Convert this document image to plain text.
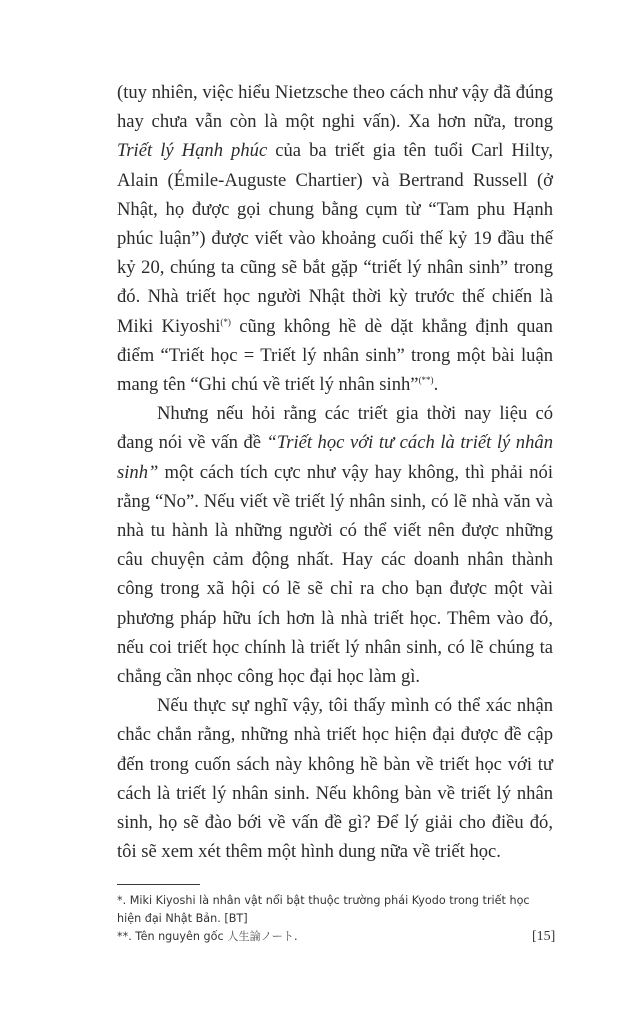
(tuy nhiên, việc hiểu Nietzsche theo cách như vậy đã đúng hay chưa vẫn còn là một nghi vấn). Xa hơn nữa, trong Triết lý Hạnh phúc của ba triết gia tên tuổi Carl Hilty, Alain (Émile-Auguste Chartier) và Bertrand Russell (ở Nhật, họ được gọi chung bằng cụm từ “Tam phu Hạnh phúc luận”) được viết vào khoảng cuối thế kỷ 19 đầu thế kỷ 20, chúng ta cũng sẽ bắt gặp “triết lý nhân sinh” trong đó. Nhà triết học người Nhật thời kỳ trước thế chiến là Miki Kiyoshi(*) cũng không hề dè dặt khẳng định quan điểm “Triết học = Triết lý nhân sinh” trong một bài luận mang tên “Ghi chú về triết lý nhân sinh”(**).

Nhưng nếu hỏi rằng các triết gia thời nay liệu có đang nói về vấn đề “Triết học với tư cách là triết lý nhân sinh” một cách tích cực như vậy hay không, thì phải nói rằng “No”. Nếu viết về triết lý nhân sinh, có lẽ nhà văn và nhà tu hành là những người có thể viết nên được những câu chuyện cảm động nhất. Hay các doanh nhân thành công trong xã hội có lẽ sẽ chỉ ra cho bạn được một vài phương pháp hữu ích hơn là nhà triết học. Thêm vào đó, nếu coi triết học chính là triết lý nhân sinh, có lẽ chúng ta chẳng cần nhọc công học đại học làm gì.

Nếu thực sự nghĩ vậy, tôi thấy mình có thể xác nhận chắc chắn rằng, những nhà triết học hiện đại được đề cập đến trong cuốn sách này không hề bàn về triết học với tư cách là triết lý nhân sinh. Nếu không bàn về triết lý nhân sinh, họ sẽ đào bới về vấn đề gì? Để lý giải cho điều đó, tôi sẽ xem xét thêm một hình dung nữa về triết học.

*. Miki Kiyoshi là nhân vật nổi bật thuộc trường phái Kyodo trong triết học hiện đại Nhật Bản. [BT]

**. Tên nguyên gốc 人生論ノート.	[15]
